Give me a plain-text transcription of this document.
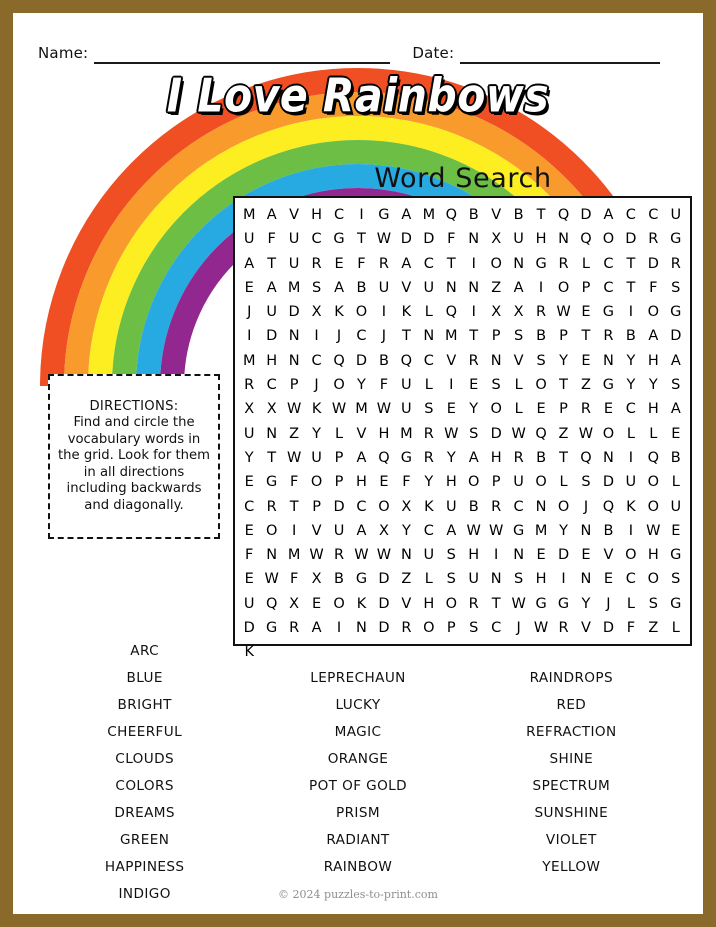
Name:	Date:
I Love Rainbows
Word Search
M A V H C	I	G A M Q B V B T Q D A C C U
U F U C G T W D D F N X U H N Q O D R G
A T U R E F R A C T	I	O N G R L C T D R
E A M S A B U V U N N Z A	I	O P C T F S
J	U D X K O	I	K L Q	I	X X R W E G	I	O G
I	D N	I	J	C	J	T N M T P S B P T R B A D
M H N C Q D B Q C V R N V S Y E N Y H A
R C P	J	O Y F U L	I	E S L O T Z G Y Y S
X X W K W M W U S E Y O L E P R E C H A
U N Z Y L V H M R W S D W Q Z W O L L E
Y T W U P A Q G R Y A H R B T Q N	I	Q B
E G F O P H E F Y H O P U O L S D U O L
C R T P D C O X K U B R C N O	J	Q K O U
E O	I	V U A X Y C A W W G M Y N B	I W E
F N M W R W W N U S H	I	N E D E V O H G
E W F X B G D Z L S U N S H	I	N E C O S
U Q X E O K D V H O R T W G G Y	J	L S G
D G R A	I	N D R O P S C	J W R V D F Z L
K
DIRECTIONS:
Find and circle the vocabulary words in the grid. Look for them in all directions including backwards and diagonally.
ARC
BLUE
BRIGHT
CHEERFUL
CLOUDS
COLORS
DREAMS
GREEN
HAPPINESS
INDIGO
JOYFUL
LEPRECHAUN
LUCKY
MAGIC
ORANGE
POT OF GOLD
PRISM
RADIANT
RAINBOW
RAINDROPS
RED
REFRACTION
SHINE
SPECTRUM
SUNSHINE
VIOLET
YELLOW
© 2024 puzzles-to-print.com
